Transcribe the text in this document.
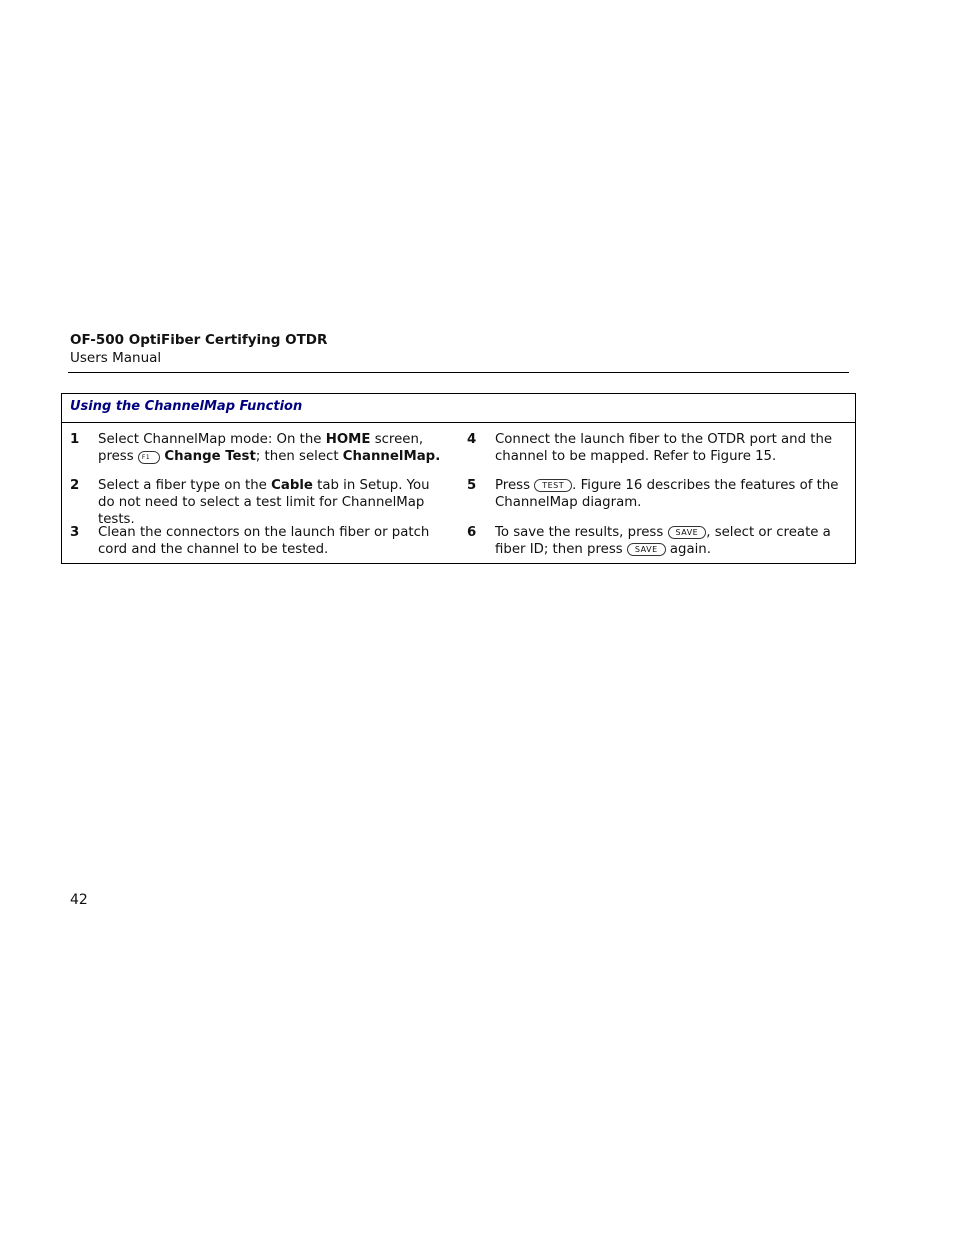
OF-500 OptiFiber Certifying OTDR
Users Manual
Using the ChannelMap Function
1 Select ChannelMap mode: On the HOME screen, press F1 Change Test; then select ChannelMap.
2 Select a fiber type on the Cable tab in Setup. You do not need to select a test limit for ChannelMap tests.
3 Clean the connectors on the launch fiber or patch cord and the channel to be tested.
4 Connect the launch fiber to the OTDR port and the channel to be mapped. Refer to Figure 15.
5 Press TEST . Figure 16 describes the features of the ChannelMap diagram.
6 To save the results, press SAVE , select or create a fiber ID; then press SAVE again.
42
